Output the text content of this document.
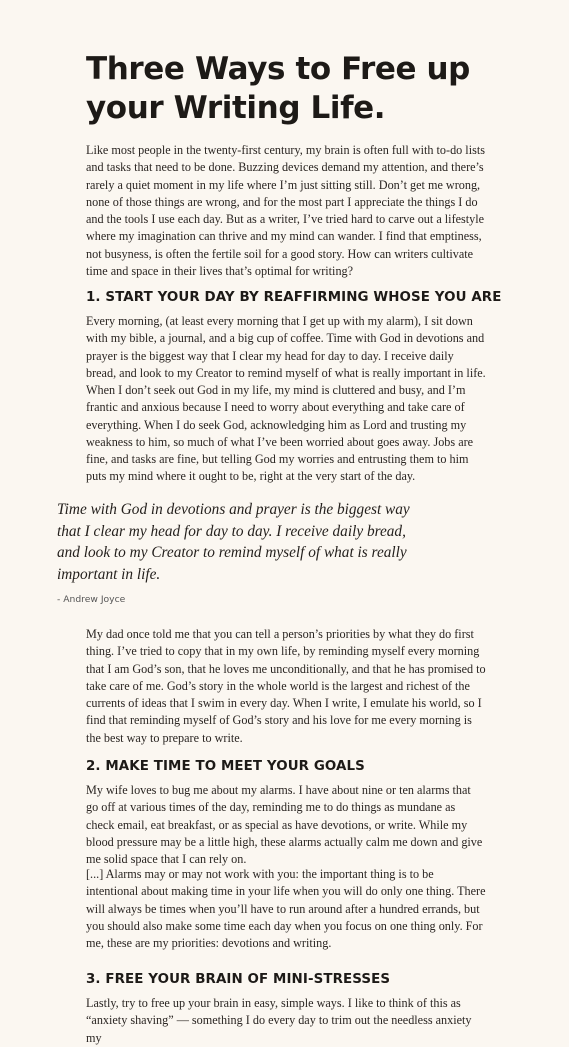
Three Ways to Free up your Writing Life.

Like most people in the twenty-first century, my brain is often full with to-do lists and tasks that need to be done. Buzzing devices demand my attention, and there’s rarely a quiet moment in my life where I’m just sitting still. Don’t get me wrong, none of those things are wrong, and for the most part I appreciate the things I do and the tools I use each day. But as a writer, I’ve tried hard to carve out a lifestyle where my imagination can thrive and my mind can wander. I find that emptiness, not busyness, is often the fertile soil for a good story. How can writers cultivate time and space in their lives that’s optimal for writing?

1. START YOUR DAY BY REAFFIRMING WHOSE YOU ARE

Every morning, (at least every morning that I get up with my alarm), I sit down with my bible, a journal, and a big cup of coffee. Time with God in devotions and prayer is the biggest way that I clear my head for day to day. I receive daily bread, and look to my Creator to remind myself of what is really important in life.

When I don’t seek out God in my life, my mind is cluttered and busy, and I’m frantic and anxious because I need to worry about everything and take care of everything. When I do seek God, acknowledging him as Lord and trusting my weakness to him, so much of what I’ve been worried about goes away. Jobs are fine, and tasks are fine, but telling God my worries and entrusting them to him puts my mind where it ought to be, right at the very start of the day.

Time with God in devotions and prayer is the biggest way that I clear my head for day to day. I receive daily bread, and look to my Creator to remind myself of what is really important in life.

- Andrew Joyce

My dad once told me that you can tell a person’s priorities by what they do first thing. I’ve tried to copy that in my own life, by reminding myself every morning that I am God’s son, that he loves me unconditionally, and that he has promised to take care of me. God’s story in the whole world is the largest and richest of the currents of ideas that I swim in every day. When I write, I emulate his world, so I find that reminding myself of God’s story and his love for me every morning is the best way to prepare to write.

2. MAKE TIME TO MEET YOUR GOALS

My wife loves to bug me about my alarms. I have about nine or ten alarms that go off at various times of the day, reminding me to do things as mundane as check email, eat breakfast, or as special as have devotions, or write. While my blood pressure may be a little high, these alarms actually calm me down and give me solid space that I can rely on.

[...] Alarms may or may not work with you: the important thing is to be intentional about making time in your life when you will do only one thing. There will always be times when you’ll have to run around after a hundred errands, but you should also make some time each day when you focus on one thing only. For me, these are my priorities: devotions and writing.

3. FREE YOUR BRAIN OF MINI-STRESSES

Lastly, try to free up your brain in easy, simple ways. I like to think of this as “anxiety shaving” — something I do every day to trim out the needless anxiety my
